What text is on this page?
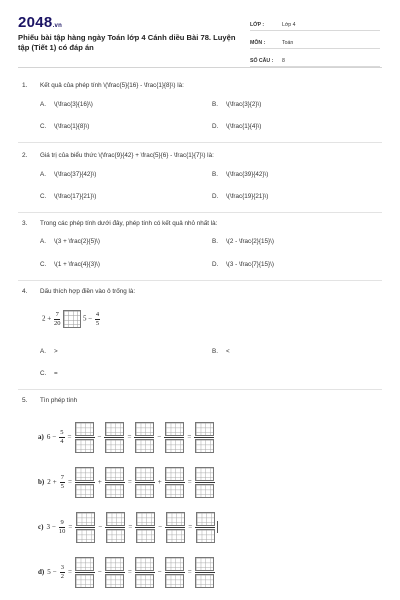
2048.vn
Phiếu bài tập hàng ngày Toán lớp 4 Cánh diều Bài 78. Luyện tập (Tiết 1) có đáp án
LỚP :	Lớp 4
MÔN :	Toán
SỐ CÂU :	8
1. Kết quả của phép tính \(\frac{5}{16} - \frac{1}{8}\) là:
A. \(\frac{3}{16}\)	B. \(\frac{3}{2}\)
C. \(\frac{1}{8}\)	D. \(\frac{1}{4}\)
2. Giá trị của biểu thức \(\frac{9}{42} + \frac{5}{6} - \frac{1}{7}\) là:
A. \(\frac{37}{42}\)	B. \(\frac{39}{42}\)
C. \(\frac{17}{21}\)	D. \(\frac{19}{21}\)
3. Trong các phép tính dưới đây, phép tính có kết quả nhỏ nhất là:
A. \(3 + \frac{2}{5}\)	B. \(2 - \frac{2}{15}\)
C. \(1 + \frac{4}{3}\)	D. \(3 - \frac{7}{15}\)
4. Dấu thích hợp điền vào ô trống là:
$2 + \frac{7}{20}$	$5 - \frac{4}{5}$
A. >	B. <
C. =
5. Tìn phép tính
a) $6 - \frac{5}{4}$ =	−	=	−	=
b) $2 + \frac{7}{5}$ =	+	=	+	=
c) $3 - \frac{9}{10}$ =	−	=	−	=
d) $5 - \frac{3}{2}$ =	−	=	−	=
